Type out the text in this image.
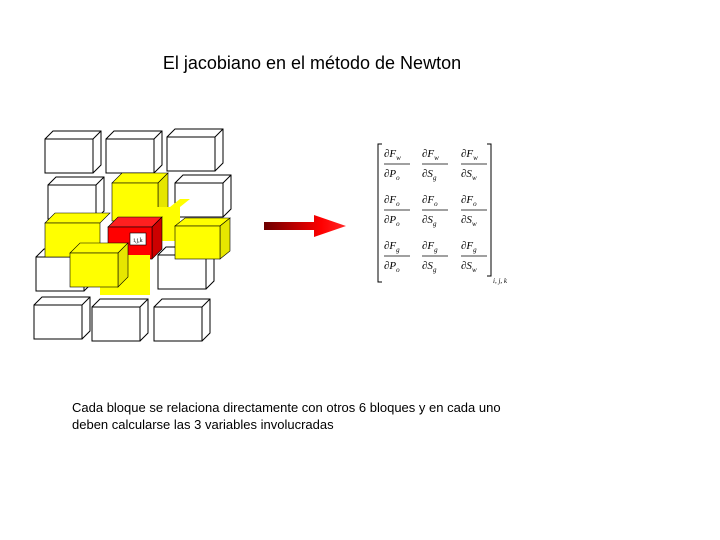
El jacobiano en el método de Newton
i,j,k
$\partial F_w$
$\partial P_o$
$\partial F_w$
$\partial S_g$
$\partial F_w$
$\partial S_w$
$\partial F_o$
$\partial P_o$
$\partial F_o$
$\partial S_g$
$\partial F_o$
$\partial S_w$
$\partial F_g$
$\partial P_o$
$\partial F_g$
$\partial S_g$
$\partial F_g$
$\partial S_w$
i, j, k
Cada bloque se relaciona directamente con otros 6 bloques y en cada uno
deben calcularse las 3 variables involucradas
